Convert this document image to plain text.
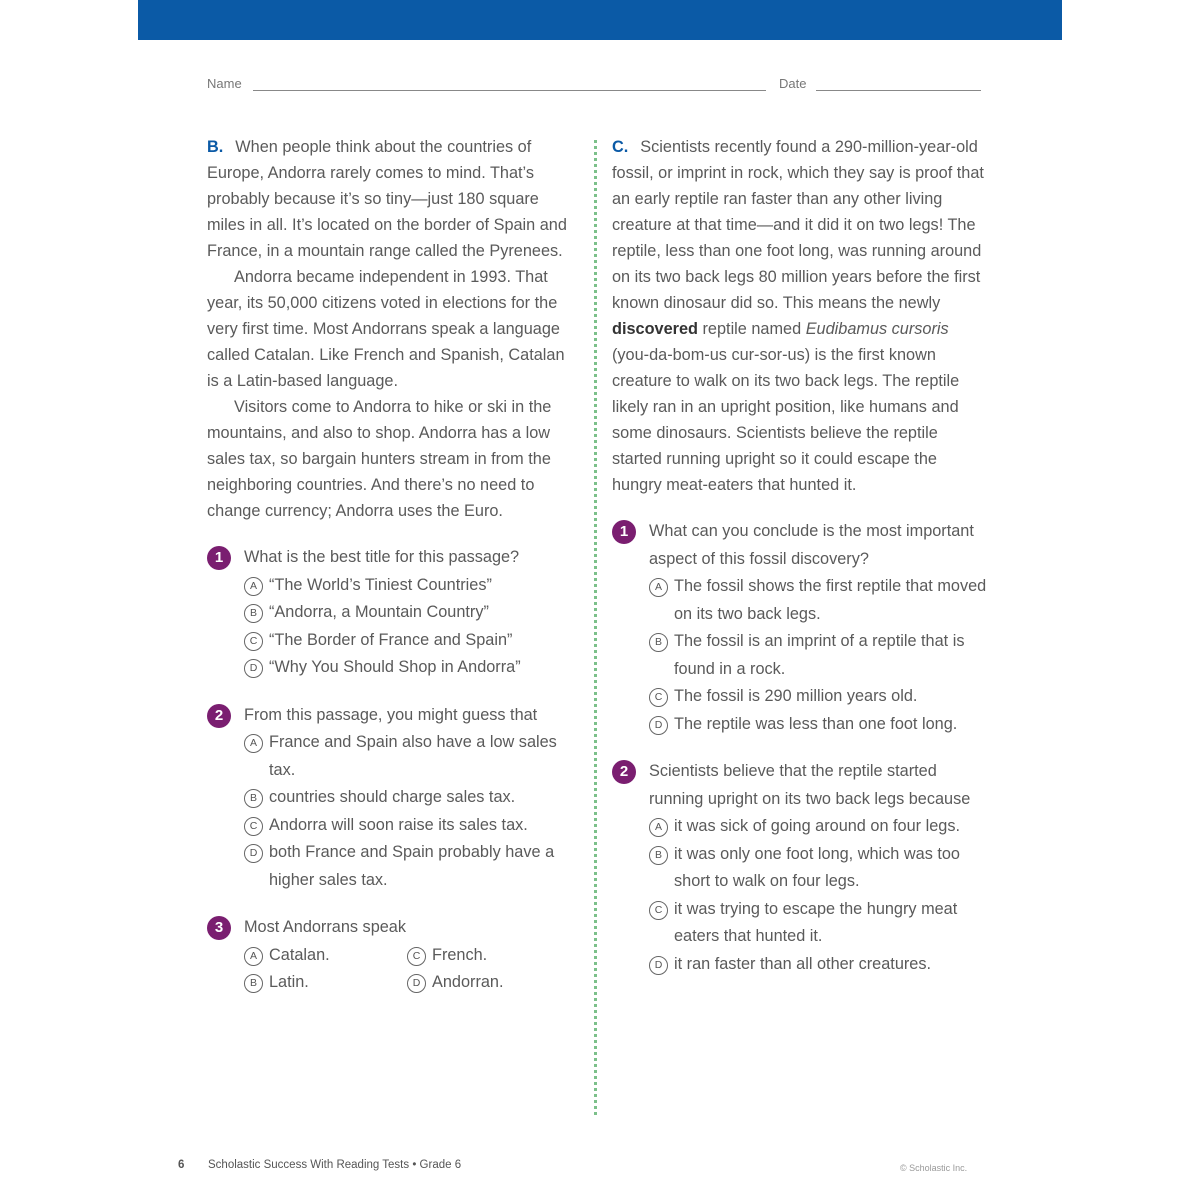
Name	Date

B. When people think about the countries of Europe, Andorra rarely comes to mind. That’s probably because it’s so tiny—just 180 square miles in all. It’s located on the border of Spain and France, in a mountain range called the Pyrenees.

Andorra became independent in 1993. That year, its 50,000 citizens voted in elections for the very first time. Most Andorrans speak a language called Catalan. Like French and Spanish, Catalan is a Latin-based language.

Visitors come to Andorra to hike or ski in the mountains, and also to shop. Andorra has a low sales tax, so bargain hunters stream in from the neighboring countries. And there’s no need to change currency; Andorra uses the Euro.

1	What is the best title for this passage?
A “The World’s Tiniest Countries”
B “Andorra, a Mountain Country”
C “The Border of France and Spain”
D “Why You Should Shop in Andorra”
2	From this passage, you might guess that
A France and Spain also have a low sales tax.
B countries should charge sales tax.
C Andorra will soon raise its sales tax.
D both France and Spain probably have a higher sales tax.
3	Most Andorrans speak
A Catalan.	C French.
B Latin.	D Andorran.

C. Scientists recently found a 290-million-year-old fossil, or imprint in rock, which they say is proof that an early reptile ran faster than any other living creature at that time—and it did it on two legs! The reptile, less than one foot long, was running around on its two back legs 80 million years before the first known dinosaur did so. This means the newly discovered reptile named Eudibamus cursoris (you-da-bom-us cur-sor-us) is the first known creature to walk on its two back legs. The reptile likely ran in an upright position, like humans and some dinosaurs. Scientists believe the reptile started running upright so it could escape the hungry meat-eaters that hunted it.

1	What can you conclude is the most important aspect of this fossil discovery?
A The fossil shows the first reptile that moved on its two back legs.
B The fossil is an imprint of a reptile that is found in a rock.
C The fossil is 290 million years old.
D The reptile was less than one foot long.
2	Scientists believe that the reptile started running upright on its two back legs because
A it was sick of going around on four legs.
B it was only one foot long, which was too short to walk on four legs.
C it was trying to escape the hungry meat eaters that hunted it.
D it ran faster than all other creatures.
6 Scholastic Success With Reading Tests • Grade 6	© Scholastic Inc.
